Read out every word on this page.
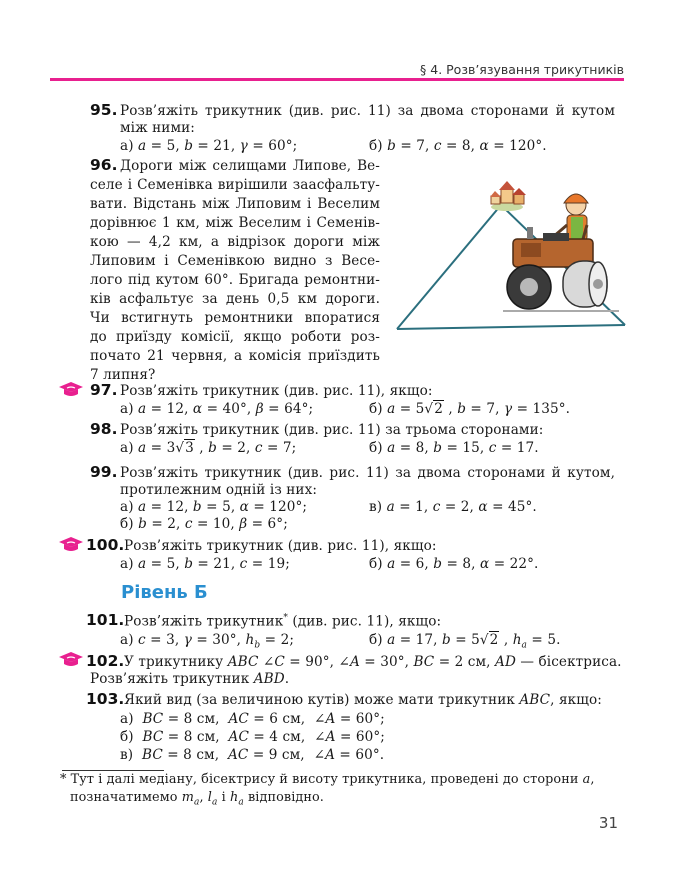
§ 4. Розв’язування трикутників
95. Розв’яжіть трикутник (див. рис. 11) за двома сторонами й кутом
між ними:
а) a = 5, b = 21, γ = 60°;	б) b = 7, c = 8, α = 120°.
96. Дороги між селищами Липове, Ве-
селе і Семенівка вирішили заасфальту-
вати. Відстань між Липовим і Веселим
дорівнює 1 км, між Веселим і Семенів-
кою — 4,2 км, а відрізок дороги між
Липовим і Семенівкою видно з Весе-
лого під кутом 60°. Бригада ремонтни-
ків асфальтує за день 0,5 км дороги.
Чи встигнуть ремонтники впоратися
до приїзду комісії, якщо роботи роз-
почато 21 червня, а комісія приїздить
7 липня?
97. Розв’яжіть трикутник (див. рис. 11), якщо:
а) a = 12, α = 40°, β = 64°;	б) a = 5√2 , b = 7, γ = 135°.
98. Розв’яжіть трикутник (див. рис. 11) за трьома сторонами:
а) a = 3√3 , b = 2, c = 7;	б) a = 8, b = 15, c = 17.
99. Розв’яжіть трикутник (див. рис. 11) за двома сторонами й кутом,
протилежним одній із них:
а) a = 12, b = 5, α = 120°;	в) a = 1, c = 2, α = 45°.
б) b = 2, c = 10, β = 6°;
100. Розв’яжіть трикутник (див. рис. 11), якщо:
а) a = 5, b = 21, c = 19;	б) a = 6, b = 8, α = 22°.
Рівень Б
101. Розв’яжіть трикутник* (див. рис. 11), якщо:
а) c = 3, γ = 30°, $h_b = 2$;	б) a = 17, b = 5√2 , $h_a = 5$.
102. У трикутнику ABC ∠C = 90°, ∠A = 30°, BC = 2 см, AD — бісектриса.
Розв’яжіть трикутник ABD.
103. Який вид (за величиною кутів) може мати трикутник ABC, якщо:
а)  BC = 8 см,  AC = 6 см,  ∠A = 60°;
б)  BC = 8 см,  AC = 4 см,  ∠A = 60°;
в)  BC = 8 см,  AC = 9 см,  ∠A = 60°.
* Тут і далі медіану, бісектрису й висоту трикутника, проведені до сторони a,
позначатимемо $m_a$, $l_a$ і $h_a$ відповідно.
31
